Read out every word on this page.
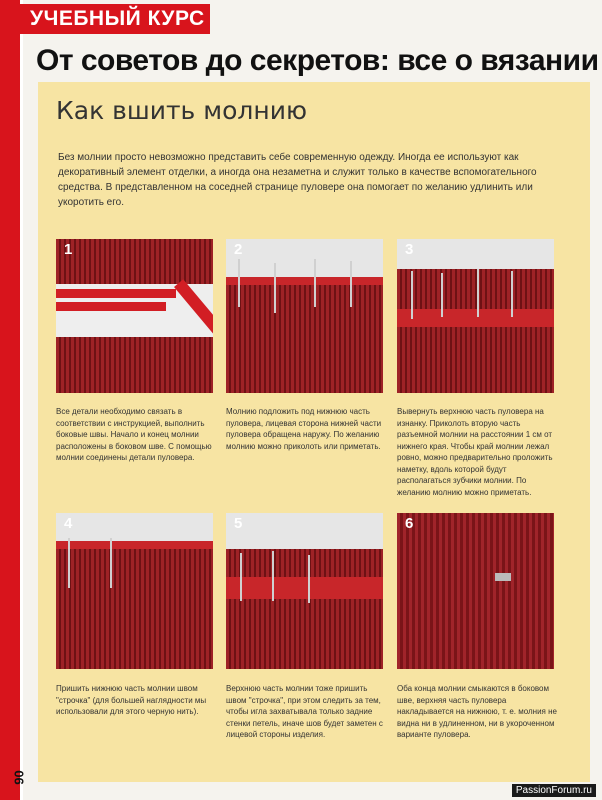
УЧЕБНЫЙ КУРС
От советов до секретов: все о вязании
Как вшить молнию
Без молнии просто невозможно представить себе современную одежду. Иногда ее используют как декоративный элемент отделки, а иногда она незаметна и служит только в качестве вспомогательного средства. В представленном на соседней странице пуловере она помогает по желанию удлинить или укоротить его.
1	2	3
4	5	6
Все детали необходимо связать в соответствии с инструкцией, выполнить боковые швы. Начало и конец молнии расположены в боковом шве. С помощью молнии соединены детали пуловера.
Молнию подложить под нижнюю часть пуловера, лицевая сторона нижней части пуловера обращена наружу. По желанию молнию можно приколоть или приметать.
Вывернуть верхнюю часть пуловера на изнанку. Приколоть вторую часть разъемной молнии на расстоянии 1 см от нижнего края. Чтобы край молнии лежал ровно, можно предварительно проложить наметку, вдоль которой будут располагаться зубчики молнии. По желанию молнию можно приметать.
Пришить нижнюю часть молнии швом "строчка" (для большей наглядности мы использовали для этого черную нить).
Верхнюю часть молнии тоже пришить швом "строчка", при этом следить за тем, чтобы игла захватывала только задние стенки петель, иначе шов будет заметен с лицевой стороны изделия.
Оба конца молнии смыкаются в боковом шве, верхняя часть пуловера накладывается на нижнюю, т. е. молния не видна ни в удлиненном, ни в укороченном варианте пуловера.
90
PassionForum.ru
